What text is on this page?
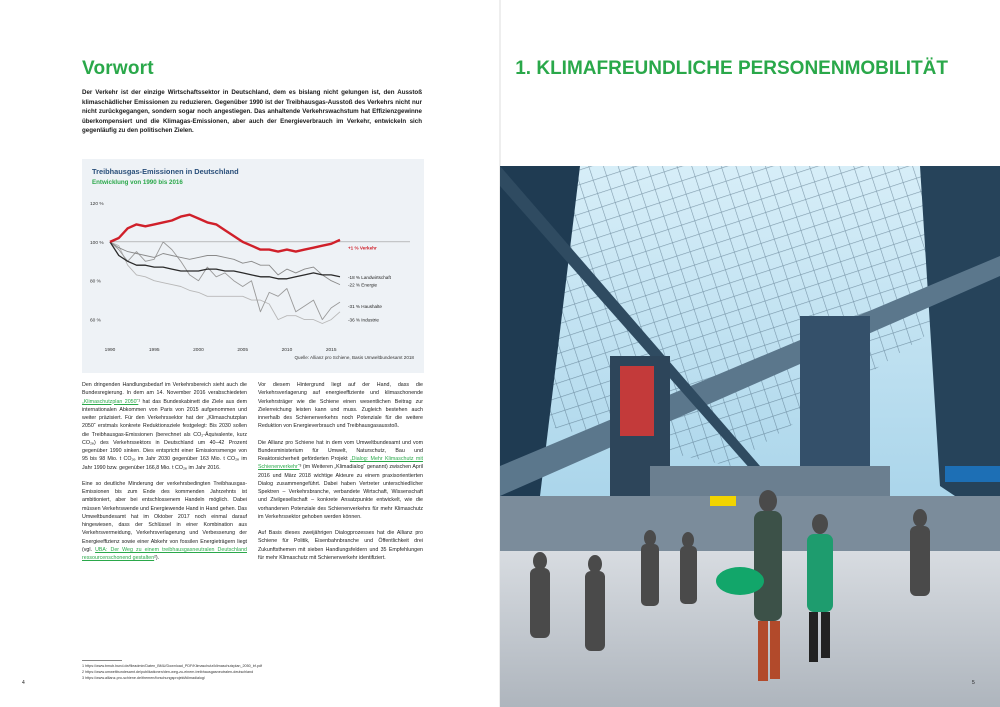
Vorwort
Der Verkehr ist der einzige Wirtschaftssektor in Deutschland, dem es bislang nicht gelungen ist, den Ausstoß klimaschädlicher Emissionen zu reduzieren. Gegenüber 1990 ist der Treibhausgas-Ausstoß des Verkehrs nicht nur nicht zurückgegangen, sondern sogar noch angestiegen. Das anhaltende Verkehrswachstum hat Effizienzgewinne überkompensiert und die Klimagas-Emissionen, aber auch der Energieverbrauch im Verkehr, entwickeln sich gegenläufig zu den politischen Zielen.
Treibhausgas-Emissionen in Deutschland
Entwicklung von 1990 bis 2016
120 %
100 %
80 %
60 %
1990	1995	2000	2005	2010	2015
+1 % Verkehr
-18 % Landwirtschaft
-22 % Energie
-31 % Haushalte
-36 % Industrie
Quelle: Allianz pro Schiene, Basis Umweltbundesamt 2018

Den dringenden Handlungsbedarf im Verkehrsbereich sieht auch die Bundesregierung. In dem am 14. November 2016 verabschiedeten „Klimaschutzplan 2050“¹ hat das Bundeskabinett die Ziele aus dem internationalen Abkommen von Paris von 2015 aufgenommen und weiter präzisiert. Für den Verkehrssektor hat der „Klimaschutzplan 2050“ erstmals konkrete Reduktionsziele festgelegt: Bis 2030 sollen die Treibhausgas-Emissionen (berechnet als CO₂-Äquivalente, kurz CO₂ₑ) des Verkehrssektors in Deutschland um 40–42 Prozent gegenüber 1990 sinken. Dies entspricht einer Emissionsmenge von 95 bis 98 Mio. t CO₂ₑ im Jahr 2030 gegenüber 163 Mio. t CO₂ₑ im Jahr 1990 bzw. gegenüber 166,8 Mio. t CO₂ₑ im Jahr 2016.

Eine so deutliche Minderung der verkehrsbedingten Treibhausgas-Emissionen bis zum Ende des kommenden Jahrzehnts ist ambitioniert, aber bei entschlossenem Handeln möglich. Dabei müssen Verkehrswende und Energiewende Hand in Hand gehen. Das Umweltbundesamt hat im Oktober 2017 noch einmal darauf hingewiesen, dass der Schlüssel in einer Kombination aus Verkehrsvermeidung, Verkehrsverlagerung und Verbesserung der Energieeffizienz sowie einer Abkehr von fossilen Energieträgern liegt (vgl. UBA: Der Weg zu einem treibhausgasneutralen Deutschland ressourcenschonend gestalten²).

Vor diesem Hintergrund liegt auf der Hand, dass die Verkehrsverlagerung auf energieeffiziente und klimaschonende Verkehrsträger wie die Schiene einen wesentlichen Beitrag zur Zielerreichung leisten kann und muss. Zugleich bestehen auch innerhalb des Schienenverkehrs noch Potenziale für die weitere Reduktion von Energieverbrauch und Treibhausgasausstoß.

Die Allianz pro Schiene hat in dem vom Umweltbundesamt und vom Bundesministerium für Umwelt, Naturschutz, Bau und Reaktorsicherheit geförderten Projekt „Dialog: Mehr Klimaschutz mit Schienenverkehr“³ (im Weiteren „Klimadialog“ genannt) zwischen April 2016 und März 2018 wichtige Akteure zu einem praxisorientierten Dialog zusammengeführt. Dabei haben Vertreter unterschiedlicher Spektren – Verkehrsbranche, verbandete Wirtschaft, Wissenschaft und Zivilgesellschaft – konkrete Ansatzpunkte entwickelt, wie die vorhandenen Potenziale des Schienenverkehrs für mehr Klimaschutz im Verkehrssektor gehoben werden können.

Auf Basis dieses zweijährigen Dialogprozesses hat die Allianz pro Schiene für Politik, Eisenbahnbranche und Öffentlichkeit drei Zukunftsthemen mit sieben Handlungsfeldern und 35 Empfehlungen für mehr Klimaschutz mit Schienenverkehr identifiziert.

1 https://www.bmub.bund.de/fileadmin/Daten_BMU/Download_PDF/Klimaschutz/klimaschutzplan_2050_bf.pdf
2 https://www.umweltbundesamt.de/publikationen/den-weg-zu-einem-treibhausgasneutralen-deutschland
3 https://www.allianz-pro-schiene.de/themen/forschungsprojekt/klimadialog/
4
1. KLIMAFREUNDLICHE PERSONENMOBILITÄT
5
